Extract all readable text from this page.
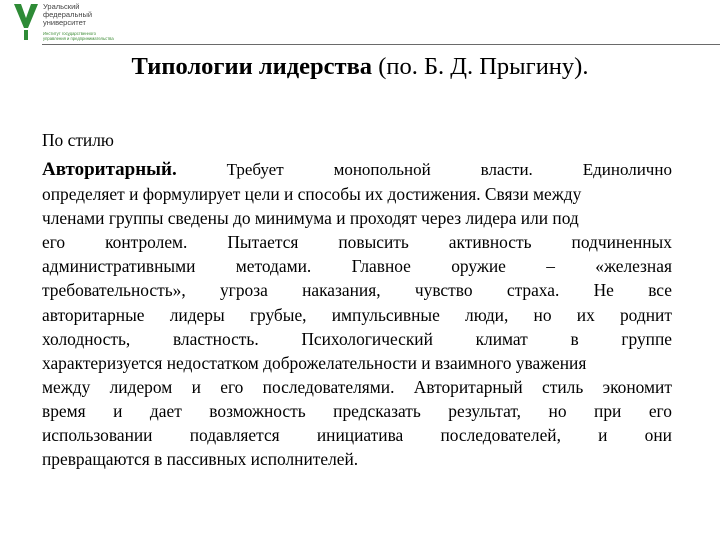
Уральский
федеральный
университет
Институт государственного
управления и предпринимательства
Типологии лидерства (по. Б. Д. Прыгину).
По стилю
Авторитарный.	Требует	монопольной	власти.	Единолично
определяет и формулирует цели и способы их достижения. Связи между
членами группы сведены до минимума и проходят через лидера или под
его контролем. Пытается повысить активность подчиненных
административными методами. Главное оружие – «железная
требовательность», угроза наказания, чувство страха. Не все
авторитарные лидеры грубые, импульсивные люди, но их роднит
холодность, властность. Психологический климат в группе
характеризуется недостатком доброжелательности и взаимного уважения
между лидером и его последователями. Авторитарный стиль экономит
время и дает возможность предсказать результат, но при его
использовании подавляется инициатива последователей, и они
превращаются в пассивных исполнителей.
